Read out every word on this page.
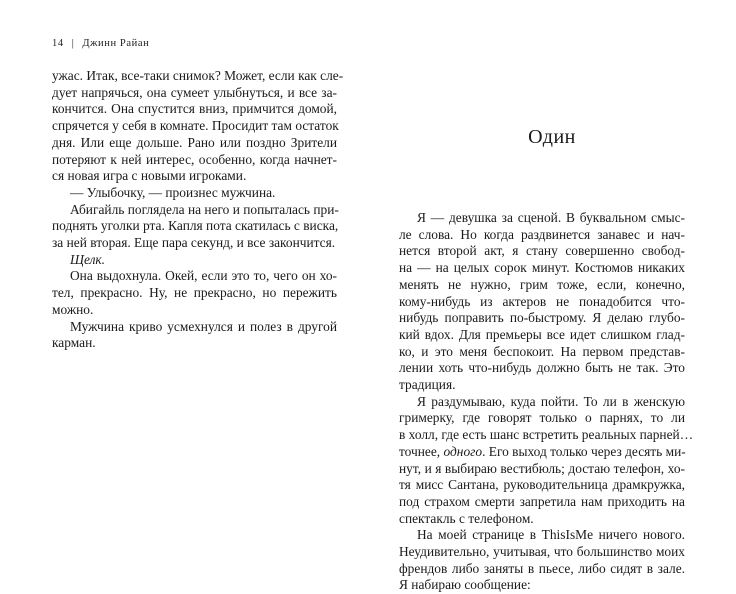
14 | Джинн Райан
ужас. Итак, все-таки снимок? Может, если как сле-
дует напрячься, она сумеет улыбнуться, и все за-
кончится. Она спустится вниз, примчится домой,
спрячется у себя в комнате. Просидит там остаток
дня. Или еще дольше. Рано или поздно Зрители
потеряют к ней интерес, особенно, когда начнет-
ся новая игра с новыми игроками.
— Улыбочку, — произнес мужчина.
Абигайль поглядела на него и попыталась при-
поднять уголки рта. Капля пота скатилась с виска,
за ней вторая. Еще пара секунд, и все закончится.
Щелк.
Она выдохнула. Окей, если это то, чего он хо-
тел, прекрасно. Ну, не прекрасно, но пережить
можно.
Мужчина криво усмехнулся и полез в другой
карман.
Один
Я — девушка за сценой. В буквальном смыс-
ле слова. Но когда раздвинется занавес и нач-
нется второй акт, я стану совершенно свобод-
на — на целых сорок минут. Костюмов никаких
менять не нужно, грим тоже, если, конечно,
кому-нибудь из актеров не понадобится что-
нибудь поправить по-быстрому. Я делаю глубо-
кий вдох. Для премьеры все идет слишком глад-
ко, и это меня беспокоит. На первом представ-
лении хоть что-нибудь должно быть не так. Это
традиция.
Я раздумываю, куда пойти. То ли в женскую
гримерку, где говорят только о парнях, то ли
в холл, где есть шанс встретить реальных парней…
точнее, одного. Его выход только через десять ми-
нут, и я выбираю вестибюль; достаю телефон, хо-
тя мисс Сантана, руководительница драмкружка,
под страхом смерти запретила нам приходить на
спектакль с телефоном.
На моей странице в ThisIsMe ничего нового.
Неудивительно, учитывая, что большинство моих
френдов либо заняты в пьесе, либо сидят в зале.
Я набираю сообщение:
